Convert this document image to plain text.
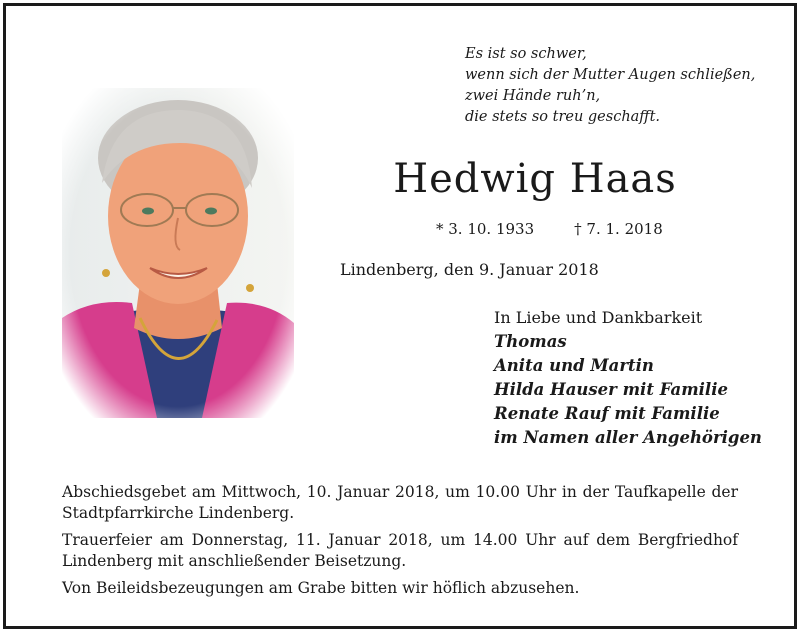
Es ist so schwer,
wenn sich der Mutter Augen schließen,
zwei Hände ruh’n,
die stets so treu geschafft.
Hedwig Haas
* 3. 10. 1933	† 7. 1. 2018
Lindenberg, den 9. Januar 2018
In Liebe und Dankbarkeit
Thomas
Anita und Martin
Hilda Hauser mit Familie
Renate Rauf mit Familie
im Namen aller Angehörigen

Abschiedsgebet am Mittwoch, 10. Januar 2018, um 10.00 Uhr in der Taufkapelle der Stadtpfarrkirche Lindenberg.

Trauerfeier am Donnerstag, 11. Januar 2018, um 14.00 Uhr auf dem Bergfriedhof Lindenberg mit anschließender Beisetzung.

Von Beileidsbezeugungen am Grabe bitten wir höflich abzusehen.
